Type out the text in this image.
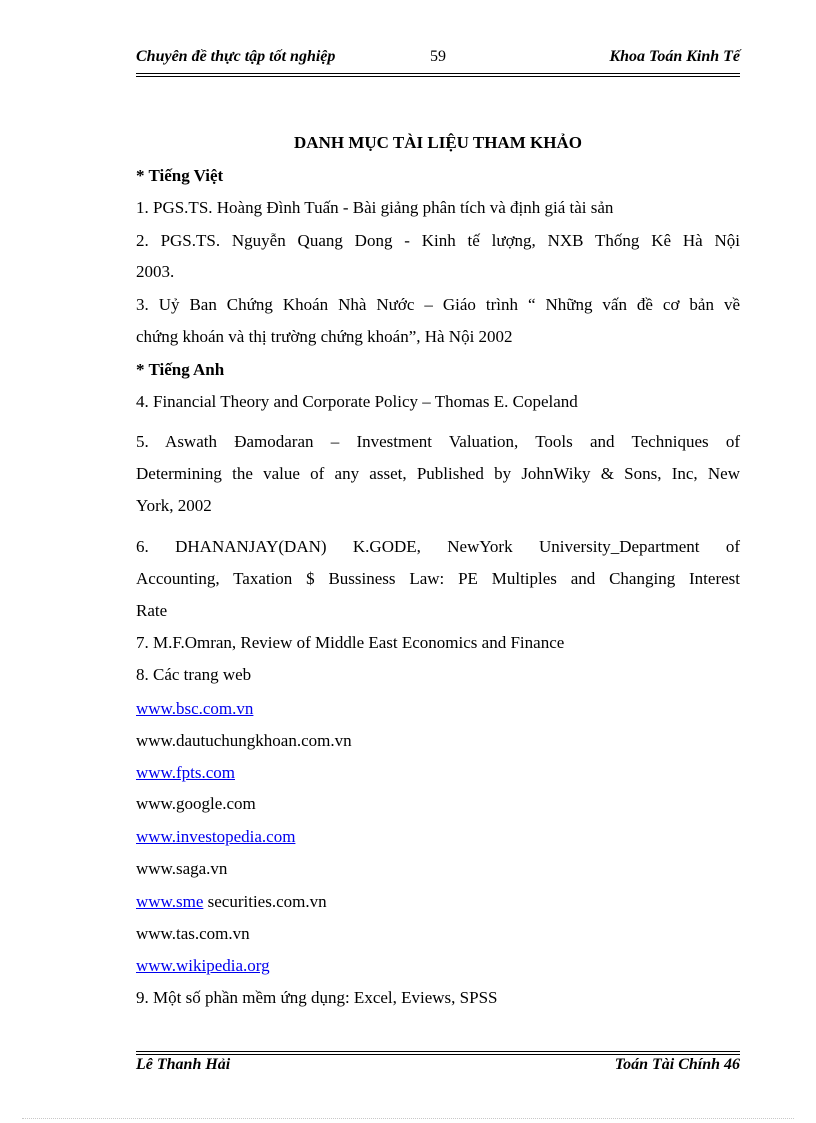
Chuyên đề thực tập tốt nghiệp	59	Khoa Toán Kinh Tế
DANH MỤC TÀI LIỆU THAM KHẢO
* Tiếng Việt
1. PGS.TS. Hoàng Đình Tuấn - Bài giảng phân tích và định giá tài sản
2. PGS.TS. Nguyễn Quang Dong - Kinh tế lượng, NXB Thống Kê Hà Nội
2003.
3. Uỷ Ban Chứng Khoán Nhà Nước – Giáo trình “ Những vấn đề cơ bản về
chứng khoán và thị trường chứng khoán”, Hà Nội 2002
* Tiếng Anh
4. Financial Theory and Corporate Policy – Thomas E. Copeland
5. Aswath Đamodaran – Investment Valuation, Tools and Techniques of
Determining the value of any asset, Published by JohnWiky & Sons, Inc, New
York, 2002
6. DHANANJAY(DAN) K.GODE, NewYork University_Department of
Accounting, Taxation $ Bussiness Law: PE Multiples and Changing Interest
Rate
7. M.F.Omran, Review of Middle East Economics and Finance
8. Các trang web
www.bsc.com.vn
www.dautuchungkhoan.com.vn
www.fpts.com
www.google.com
www.investopedia.com
www.saga.vn
www.sme securities.com.vn
www.tas.com.vn
www.wikipedia.org
9. Một số phần mềm ứng dụng: Excel, Eviews, SPSS
Lê Thanh Hải	Toán Tài Chính 46
